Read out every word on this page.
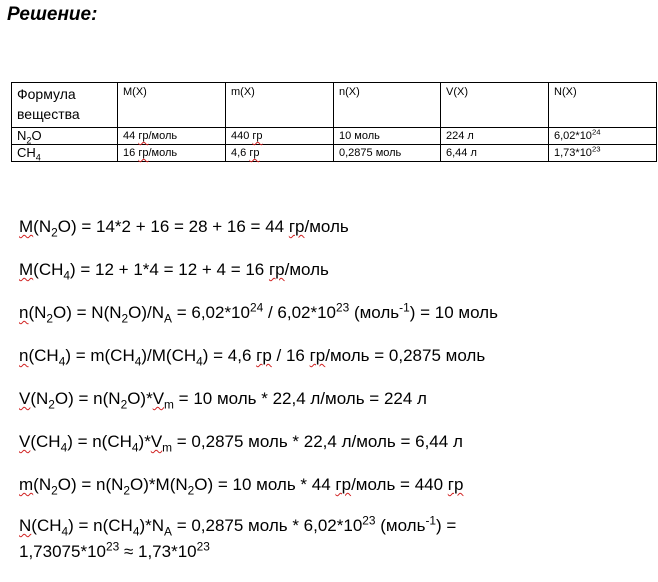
Решение:
Формула вещества	M(X)	m(X)	n(X)	V(X)	N(X)
$N_2O$	44 гр/моль	440 гр	10 моль	224 л	$6,02*10^{24}$
$CH_4$	16 гр/моль	4,6 гр	0,2875 моль	6,44 л	$1,73*10^{23}$
$M(N_2O) = 14*2 + 16 = 28 + 16 = 44$ гр/моль
$M(CH_4) = 12 + 1*4 = 12 + 4 = 16$ гр/моль
$n(N_2O) = N(N_2O)/N_A = 6,02*10^{24} / 6,02*10^{23}$ (моль$^{-1}$) = 10 моль
$n(CH_4) = m(CH_4)/M(CH_4) = 4,6$ гр / 16 гр/моль = 0,2875 моль
$V(N_2O) = n(N_2O)*V_m = 10$ моль * 22,4 л/моль = 224 л
$V(CH_4) = n(CH_4)*V_m = 0,2875$ моль * 22,4 л/моль = 6,44 л
$m(N_2O) = n(N_2O)*M(N_2O) = 10$ моль * 44 гр/моль = 440 гр
$N(CH_4) = n(CH_4)*N_A = 0,2875$ моль * $6,02*10^{23}$ (моль$^{-1}$) =
$1,73075*10^{23} \approx 1,73*10^{23}$
